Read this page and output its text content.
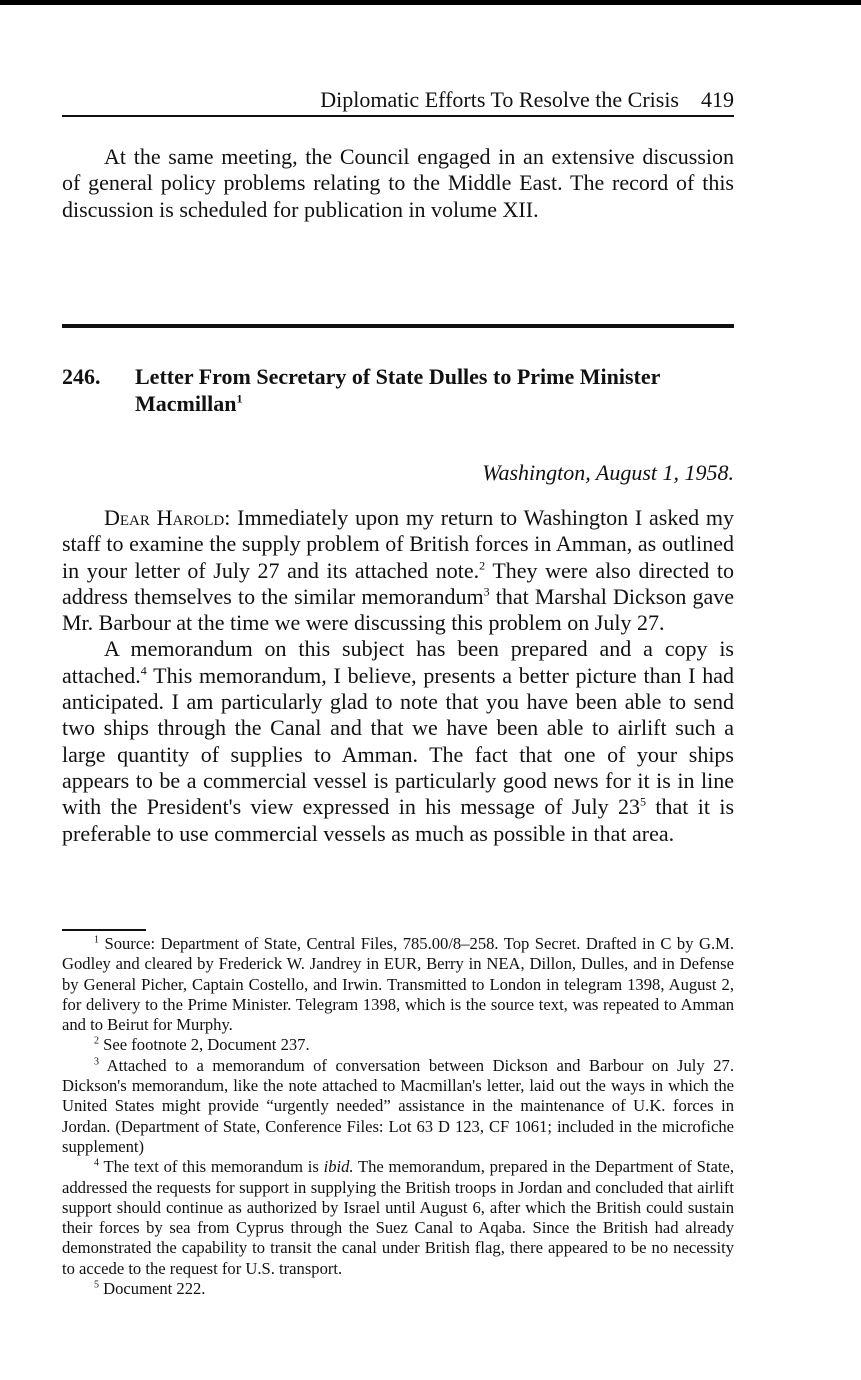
Diplomatic Efforts To Resolve the Crisis 419

At the same meeting, the Council engaged in an extensive discussion of general policy problems relating to the Middle East. The record of this discussion is scheduled for publication in volume XII.

246. Letter From Secretary of State Dulles to Prime Minister Macmillan$^1$
Washington, August 1, 1958.

Dear Harold: Immediately upon my return to Washington I asked my staff to examine the supply problem of British forces in Amman, as outlined in your letter of July 27 and its attached note.$^2$ They were also directed to address themselves to the similar memorandum$^3$ that Marshal Dickson gave Mr. Barbour at the time we were discussing this problem on July 27.

A memorandum on this subject has been prepared and a copy is attached.$^4$ This memorandum, I believe, presents a better picture than I had anticipated. I am particularly glad to note that you have been able to send two ships through the Canal and that we have been able to airlift such a large quantity of supplies to Amman. The fact that one of your ships appears to be a commercial vessel is particularly good news for it is in line with the President's view expressed in his message of July $23^5$ that it is preferable to use commercial vessels as much as possible in that area.

$^1$ Source: Department of State, Central Files, 785.00/8–258. Top Secret. Drafted in C by G.M. Godley and cleared by Frederick W. Jandrey in EUR, Berry in NEA, Dillon, Dulles, and in Defense by General Picher, Captain Costello, and Irwin. Transmitted to London in telegram 1398, August 2, for delivery to the Prime Minister. Telegram 1398, which is the source text, was repeated to Amman and to Beirut for Murphy.

$^2$ See footnote 2, Document 237.

$^3$ Attached to a memorandum of conversation between Dickson and Barbour on July 27. Dickson's memorandum, like the note attached to Macmillan's letter, laid out the ways in which the United States might provide “urgently needed” assistance in the maintenance of U.K. forces in Jordan. (Department of State, Conference Files: Lot 63 D 123, CF 1061; included in the microfiche supplement)

$^4$ The text of this memorandum is ibid. The memorandum, prepared in the Department of State, addressed the requests for support in supplying the British troops in Jordan and concluded that airlift support should continue as authorized by Israel until August 6, after which the British could sustain their forces by sea from Cyprus through the Suez Canal to Aqaba. Since the British had already demonstrated the capability to transit the canal under British flag, there appeared to be no necessity to accede to the request for U.S. transport.

$^5$ Document 222.
